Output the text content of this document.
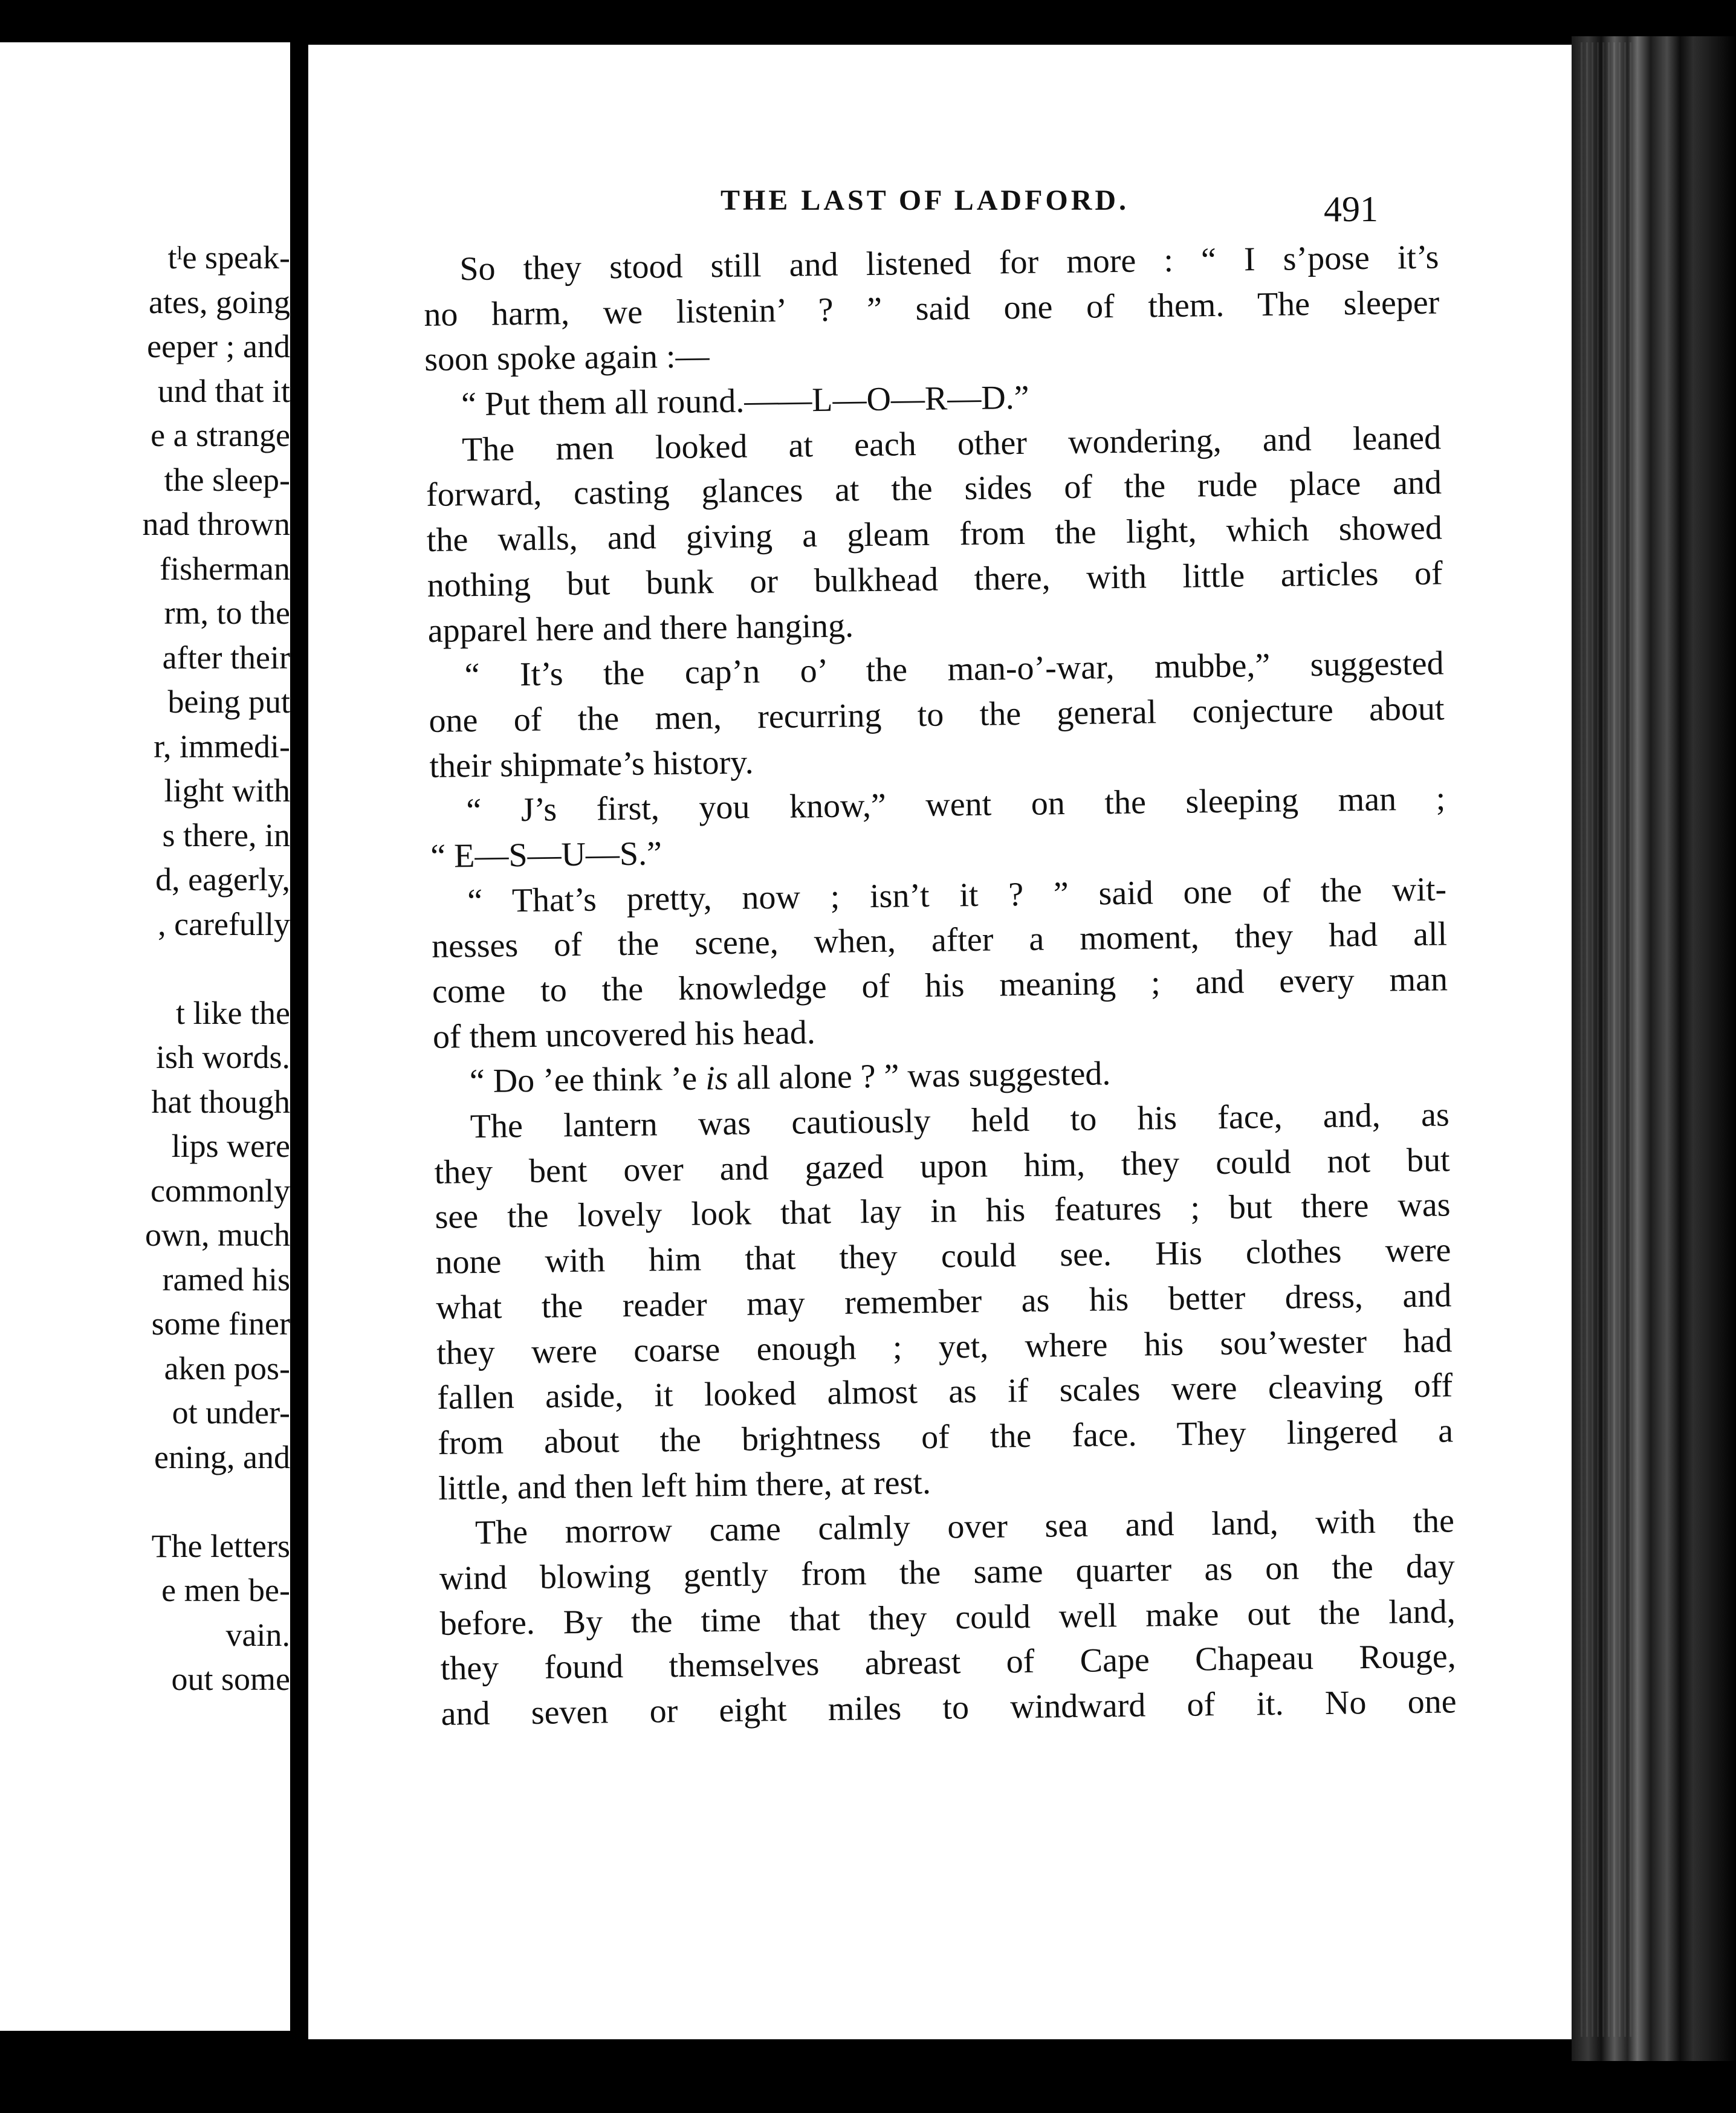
tˡe speak-
ates, going
eeper ; and
und that it
e a strange
the sleep-
nad thrown
fisherman
rm, to the
after their
being put
r, immedi-
light with
s there, in
d, eagerly,
, carefully
t like the
ish words.
hat though
lips were
commonly
own, much
ramed his
some finer
aken pos-
ot under-
ening, and
The letters
e men be-
vain.
out some
THE LAST OF LADFORD.	491
So they stood still and listened for more : “ I s’pose it’s
no harm, we listenin’ ? ” said one of them. The sleeper
soon spoke again :—
“ Put them all round.——L—O—R—D.”
The men looked at each other wondering, and leaned
forward, casting glances at the sides of the rude place and
the walls, and giving a gleam from the light, which showed
nothing but bunk or bulkhead there, with little articles of
apparel here and there hanging.
“ It’s the cap’n o’ the man-o’-war, mubbe,” suggested
one of the men, recurring to the general conjecture about
their shipmate’s history.
“ J’s first, you know,” went on the sleeping man ;
“ E—S—U—S.”
“ That’s pretty, now ; isn’t it ? ” said one of the wit-
nesses of the scene, when, after a moment, they had all
come to the knowledge of his meaning ; and every man
of them uncovered his head.
“ Do ’ee think ’e is all alone ? ” was suggested.
The lantern was cautiously held to his face, and, as
they bent over and gazed upon him, they could not but
see the lovely look that lay in his features ; but there was
none with him that they could see. His clothes were
what the reader may remember as his better dress, and
they were coarse enough ; yet, where his sou’wester had
fallen aside, it looked almost as if scales were cleaving off
from about the brightness of the face. They lingered a
little, and then left him there, at rest.
The morrow came calmly over sea and land, with the
wind blowing gently from the same quarter as on the day
before. By the time that they could well make out the land,
they found themselves abreast of Cape Chapeau Rouge,
and seven or eight miles to windward of it. No one
